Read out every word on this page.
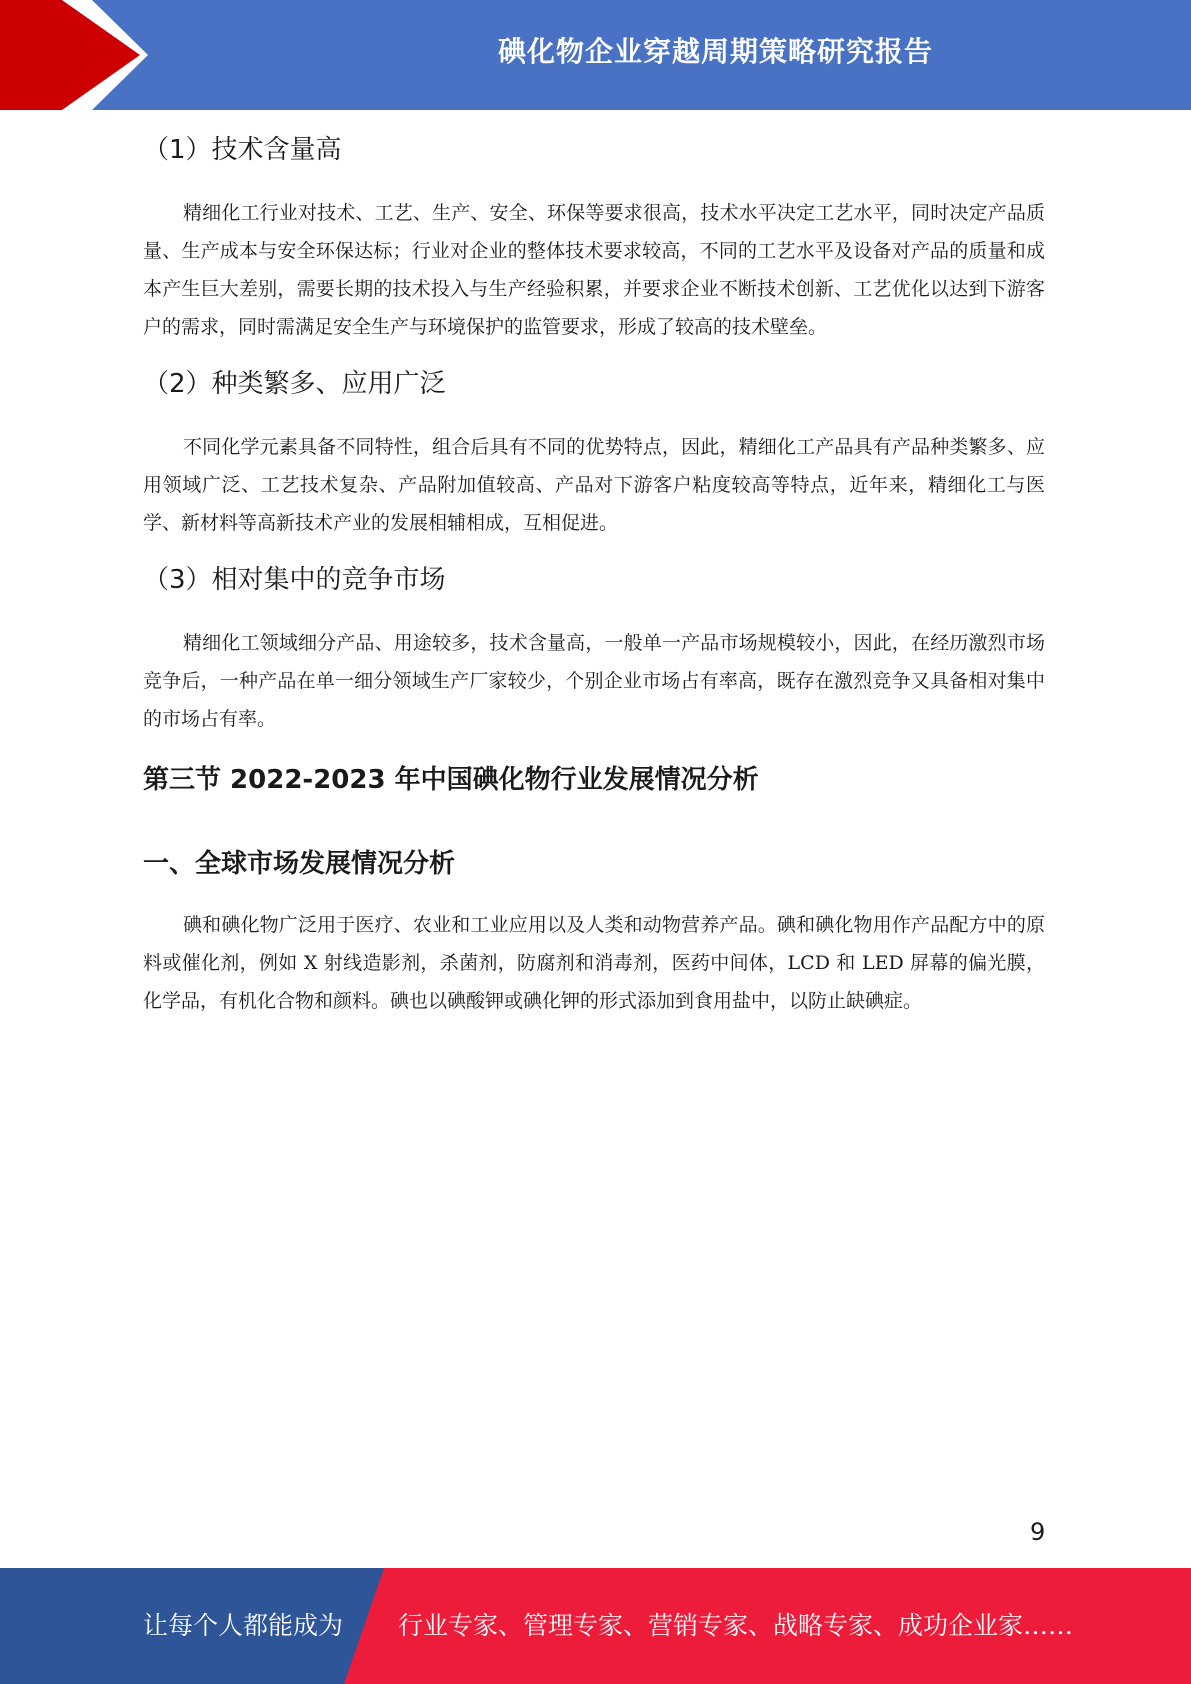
碘化物企业穿越周期策略研究报告
（1）技术含量高

精细化工行业对技术、工艺、生产、安全、环保等要求很高，技术水平决定工艺水平，同时决定产品质量、生产成本与安全环保达标；行业对企业的整体技术要求较高，不同的工艺水平及设备对产品的质量和成本产生巨大差别，需要长期的技术投入与生产经验积累，并要求企业不断技术创新、工艺优化以达到下游客户的需求，同时需满足安全生产与环境保护的监管要求，形成了较高的技术壁垒。

（2）种类繁多、应用广泛

不同化学元素具备不同特性，组合后具有不同的优势特点，因此，精细化工产品具有产品种类繁多、应用领域广泛、工艺技术复杂、产品附加值较高、产品对下游客户粘度较高等特点，近年来，精细化工与医学、新材料等高新技术产业的发展相辅相成，互相促进。

（3）相对集中的竞争市场

精细化工领域细分产品、用途较多，技术含量高，一般单一产品市场规模较小，因此，在经历激烈市场竞争后，一种产品在单一细分领域生产厂家较少，个别企业市场占有率高，既存在激烈竞争又具备相对集中的市场占有率。

第三节 2022-2023 年中国碘化物行业发展情况分析
一、全球市场发展情况分析

碘和碘化物广泛用于医疗、农业和工业应用以及人类和动物营养产品。碘和碘化物用作产品配方中的原料或催化剂，例如 X 射线造影剂，杀菌剂，防腐剂和消毒剂，医药中间体，LCD 和 LED 屏幕的偏光膜，化学品，有机化合物和颜料。碘也以碘酸钾或碘化钾的形式添加到食用盐中，以防止缺碘症。

9
让每个人都能成为 行业专家、管理专家、营销专家、战略专家、成功企业家……
